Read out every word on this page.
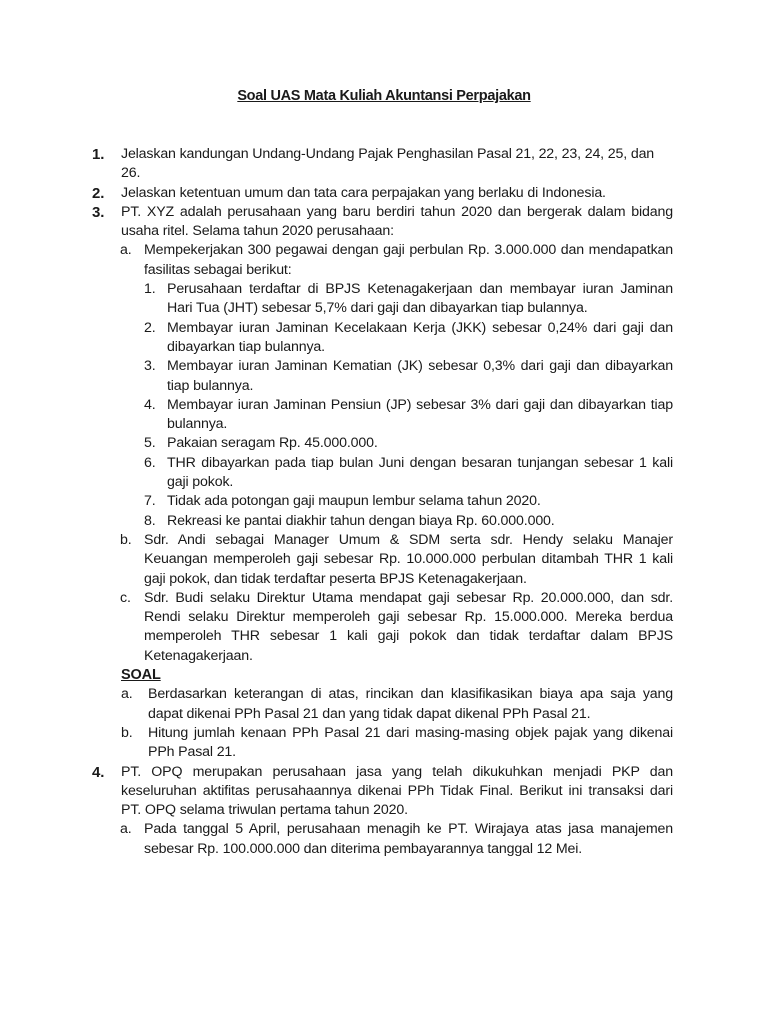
Soal UAS Mata Kuliah Akuntansi Perpajakan
1.	Jelaskan kandungan Undang-Undang Pajak Penghasilan Pasal 21, 22, 23, 24, 25, dan 26.
2.	Jelaskan ketentuan umum dan tata cara perpajakan yang berlaku di Indonesia.
3.	PT. XYZ adalah perusahaan yang baru berdiri tahun 2020 dan bergerak dalam bidang usaha ritel. Selama tahun 2020 perusahaan:
a. Mempekerjakan 300 pegawai dengan gaji perbulan Rp. 3.000.000 dan mendapatkan fasilitas sebagai berikut:
1. Perusahaan terdaftar di BPJS Ketenagakerjaan dan membayar iuran Jaminan Hari Tua (JHT) sebesar 5,7% dari gaji dan dibayarkan tiap bulannya.
2. Membayar iuran Jaminan Kecelakaan Kerja (JKK) sebesar 0,24% dari gaji dan dibayarkan tiap bulannya.
3. Membayar iuran Jaminan Kematian (JK) sebesar 0,3% dari gaji dan dibayarkan tiap bulannya.
4. Membayar iuran Jaminan Pensiun (JP) sebesar 3% dari gaji dan dibayarkan tiap bulannya.
5. Pakaian seragam Rp. 45.000.000.
6. THR dibayarkan pada tiap bulan Juni dengan besaran tunjangan sebesar 1 kali gaji pokok.
7. Tidak ada potongan gaji maupun lembur selama tahun 2020.
8. Rekreasi ke pantai diakhir tahun dengan biaya Rp. 60.000.000.
b. Sdr. Andi sebagai Manager Umum & SDM serta sdr. Hendy selaku Manajer Keuangan memperoleh gaji sebesar Rp. 10.000.000 perbulan ditambah THR 1 kali gaji pokok, dan tidak terdaftar peserta BPJS Ketenagakerjaan.
c. Sdr. Budi selaku Direktur Utama mendapat gaji sebesar Rp. 20.000.000, dan sdr. Rendi selaku Direktur memperoleh gaji sebesar Rp. 15.000.000. Mereka berdua memperoleh THR sebesar 1 kali gaji pokok dan tidak terdaftar dalam BPJS Ketenagakerjaan.
SOAL
a.	Berdasarkan keterangan di atas, rincikan dan klasifikasikan biaya apa saja yang dapat dikenai PPh Pasal 21 dan yang tidak dapat dikenal PPh Pasal 21.
b.	Hitung jumlah kenaan PPh Pasal 21 dari masing-masing objek pajak yang dikenai PPh Pasal 21.
4.	PT. OPQ merupakan perusahaan jasa yang telah dikukuhkan menjadi PKP dan keseluruhan aktifitas perusahaannya dikenai PPh Tidak Final. Berikut ini transaksi dari PT. OPQ selama triwulan pertama tahun 2020.
a. Pada tanggal 5 April, perusahaan menagih ke PT. Wirajaya atas jasa manajemen sebesar Rp. 100.000.000 dan diterima pembayarannya tanggal 12 Mei.
